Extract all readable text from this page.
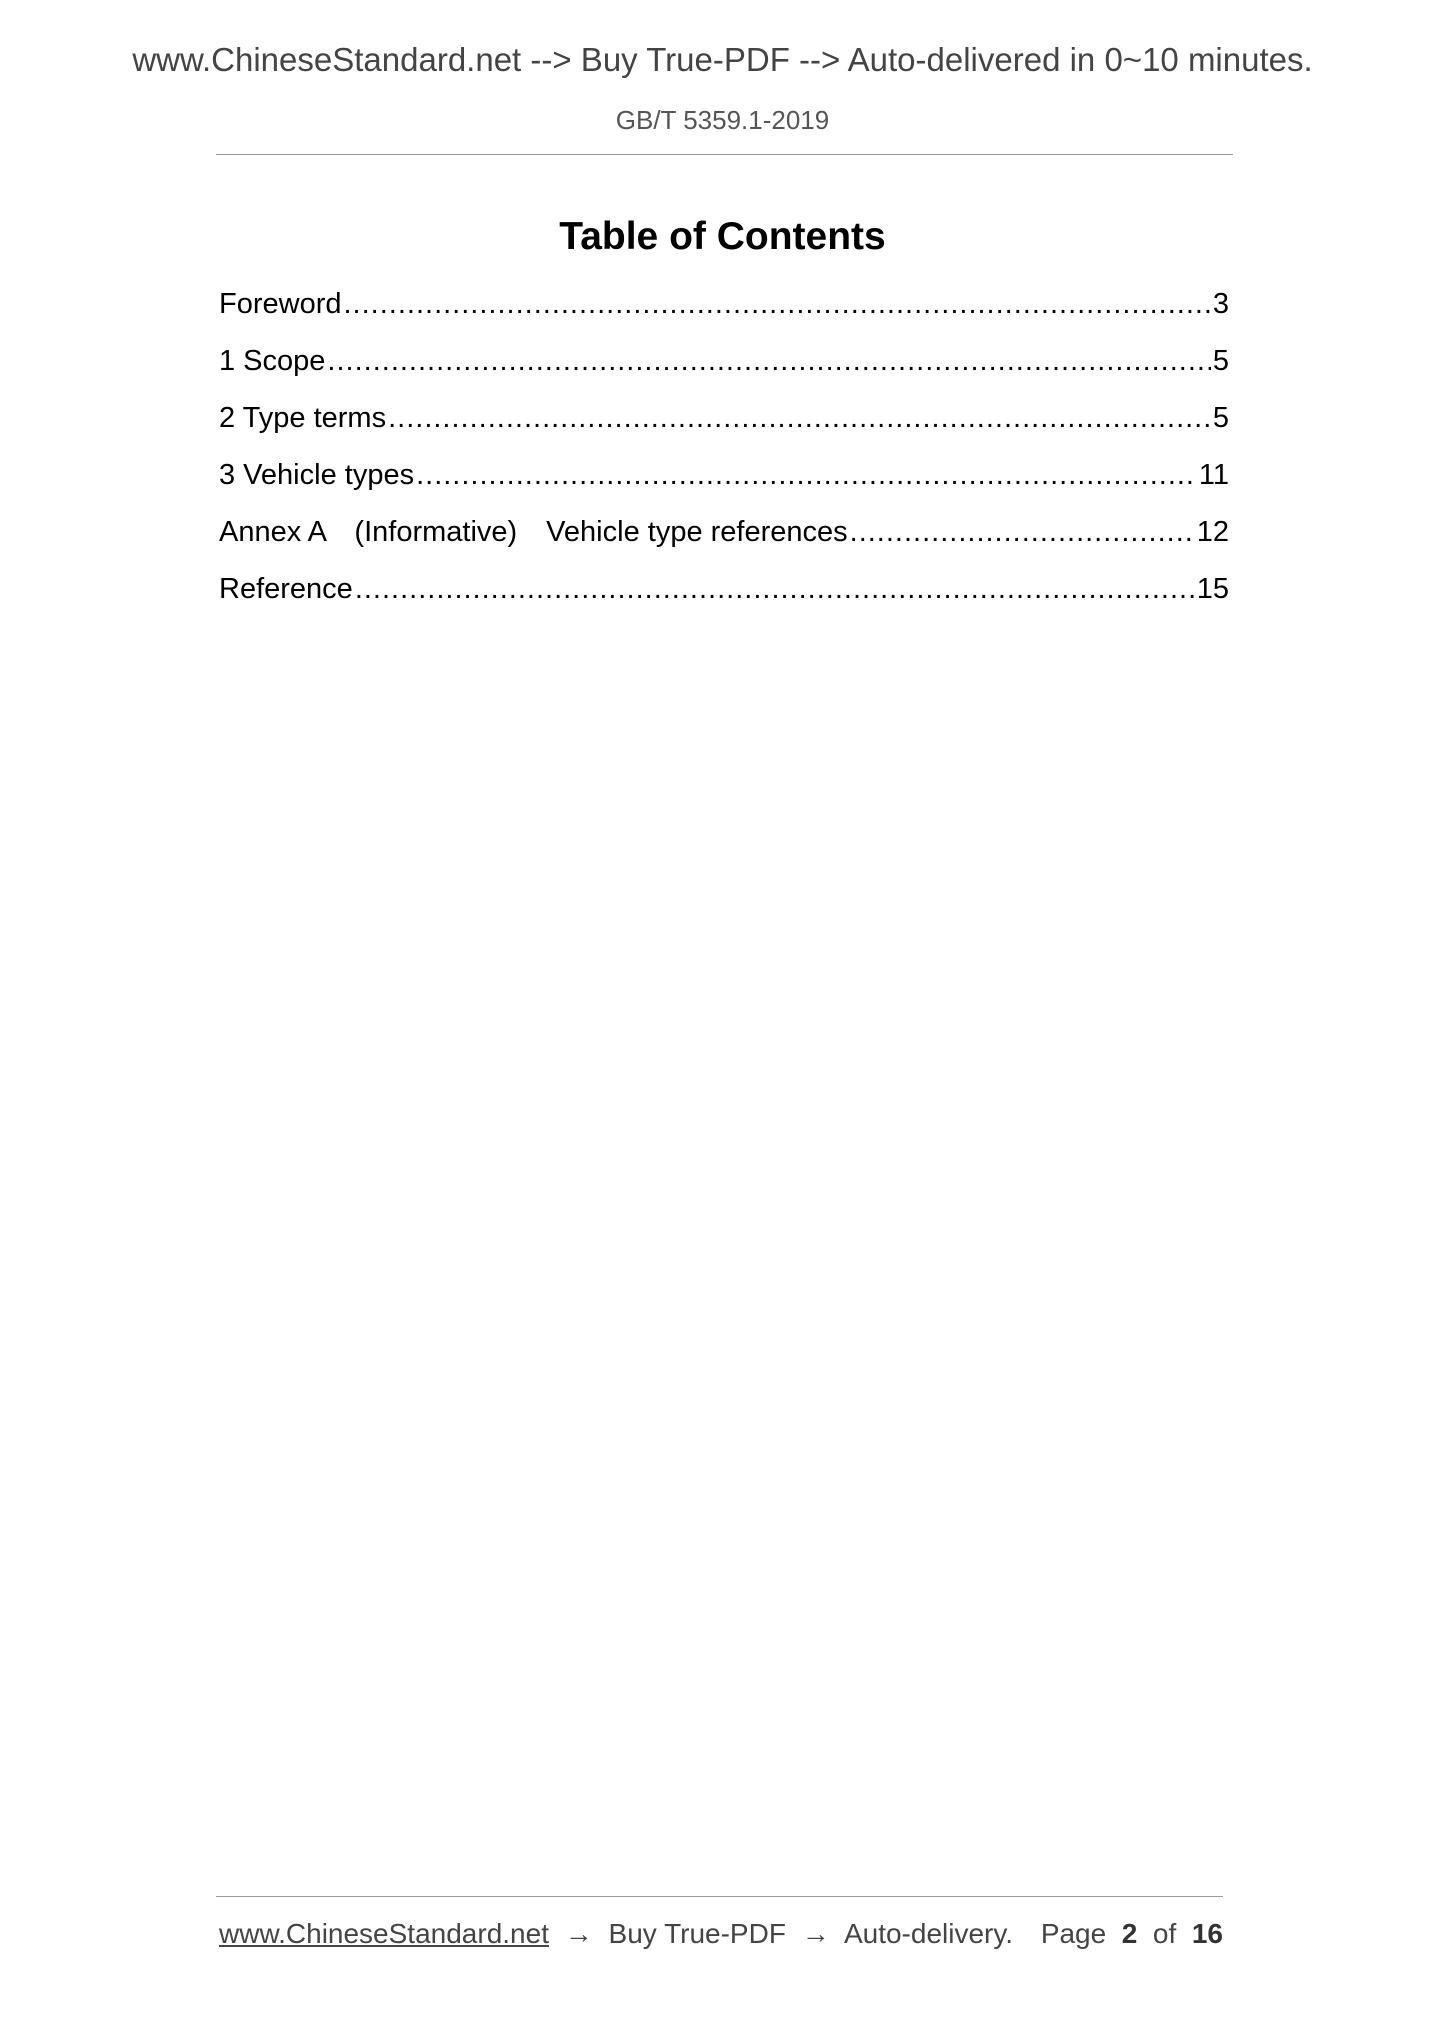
www.ChineseStandard.net --> Buy True-PDF --> Auto-delivered in 0~10 minutes.
GB/T 5359.1-2019
Table of Contents
Foreword .....	3
1 Scope .....	5
2 Type terms .....	5
3 Vehicle types .....	11
Annex A　(Informative)　Vehicle type references .....	12
Reference .....	15
www.ChineseStandard.net → Buy True-PDF → Auto-delivery. Page 2 of 16
